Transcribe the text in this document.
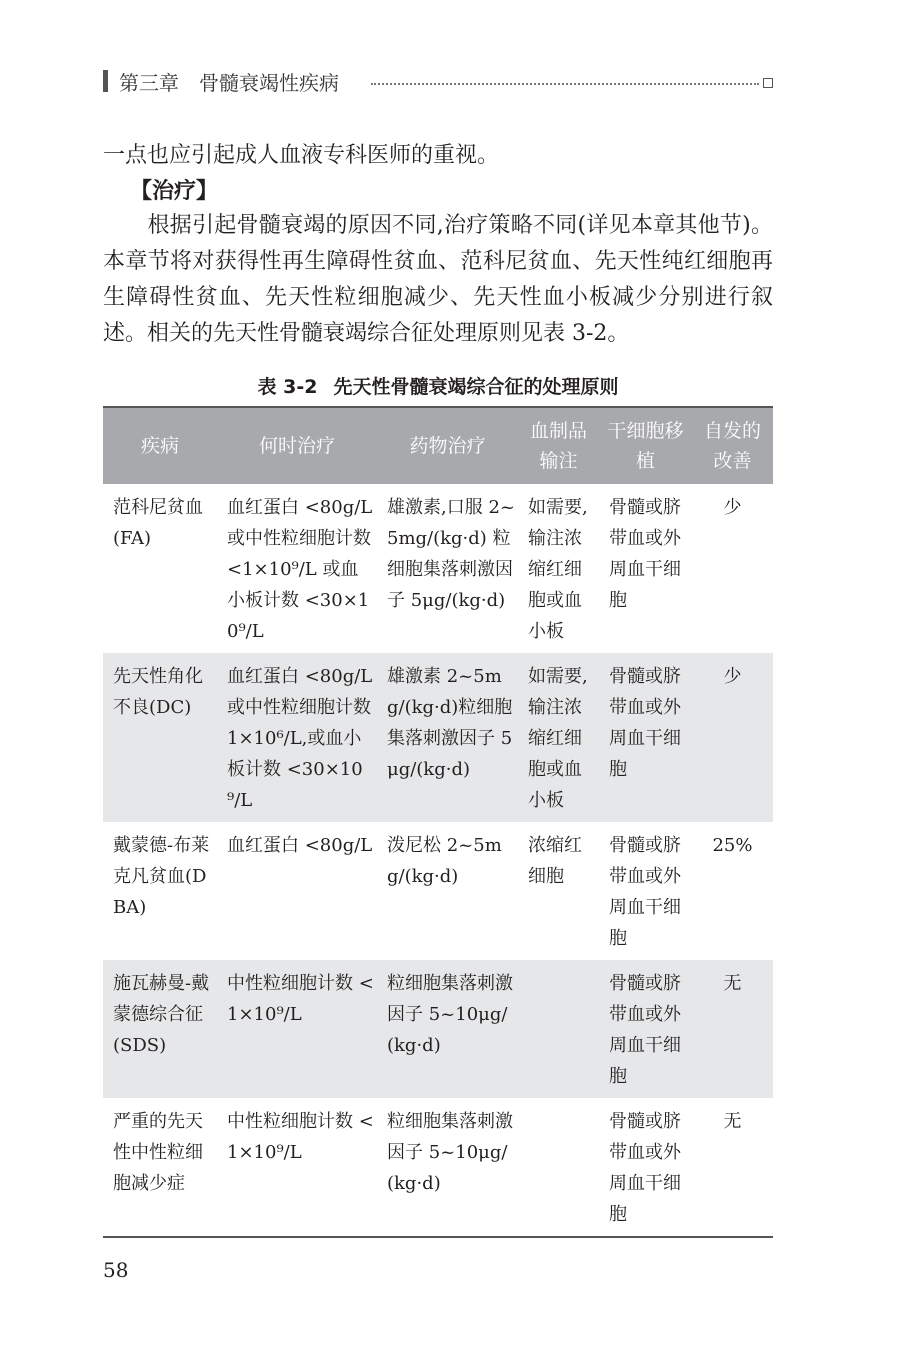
第三章　骨髓衰竭性疾病
一点也应引起成人血液专科医师的重视。
【治疗】
　　根据引起骨髓衰竭的原因不同,治疗策略不同(详见本章其他节)。本章节将对获得性再生障碍性贫血、范科尼贫血、先天性纯红细胞再生障碍性贫血、先天性粒细胞减少、先天性血小板减少分别进行叙述。相关的先天性骨髓衰竭综合征处理原则见表 3-2。
表 3-2 先天性骨髓衰竭综合征的处理原则
疾病	何时治疗	药物治疗	血制品输注	干细胞移植	自发的改善
范科尼贫血(FA)	血红蛋白 <80g/L 或中性粒细胞计数 <1×10⁹/L 或血小板计数 <30×10⁹/L	雄激素,口服 2~5mg/(kg·d) 粒细胞集落刺激因子 5μg/(kg·d)	如需要,输注浓缩红细胞或血小板	骨髓或脐带血或外周血干细胞	少
先天性角化不良(DC)	血红蛋白 <80g/L 或中性粒细胞计数 1×10⁶/L,或血小板计数 <30×10⁹/L	雄激素 2~5mg/(kg·d)粒细胞集落刺激因子 5μg/(kg·d)	如需要,输注浓缩红细胞或血小板	骨髓或脐带血或外周血干细胞	少
戴蒙德-布莱克凡贫血(DBA)	血红蛋白 <80g/L	泼尼松 2~5mg/(kg·d)	浓缩红细胞	骨髓或脐带血或外周血干细胞	25%
施瓦赫曼-戴蒙德综合征(SDS)	中性粒细胞计数 <1×10⁹/L	粒细胞集落刺激因子 5~10μg/(kg·d)		骨髓或脐带血或外周血干细胞	无
严重的先天性中性粒细胞减少症	中性粒细胞计数 <1×10⁹/L	粒细胞集落刺激因子 5~10μg/(kg·d)		骨髓或脐带血或外周血干细胞	无
58
